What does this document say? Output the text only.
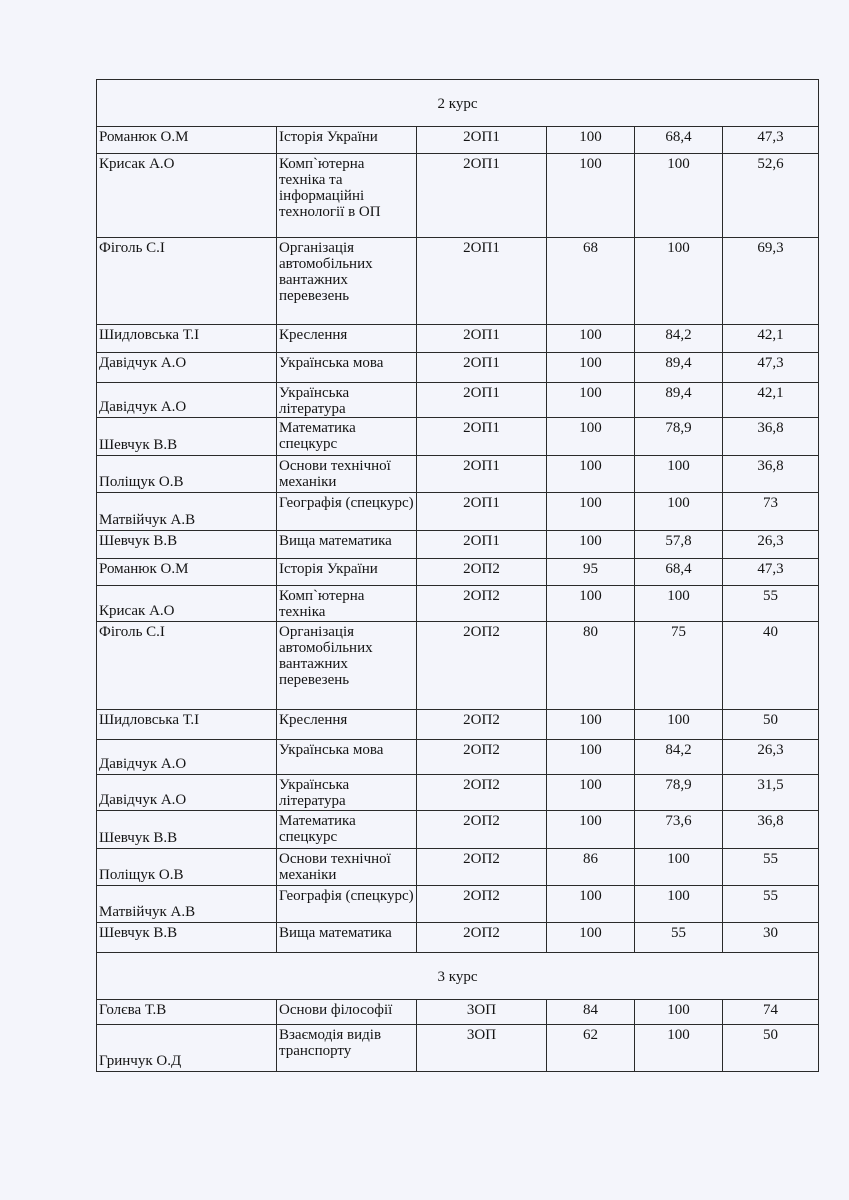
2 курс					
Романюк О.М	Історія України	2ОП1	100	68,4	47,3
Крисак А.О	Комп`ютерна техніка та інформаційні технології в ОП	2ОП1	100	100	52,6
Фіголь С.І	Організація автомобільних вантажних перевезень	2ОП1	68	100	69,3
Шидловська Т.І	Креслення	2ОП1	100	84,2	42,1
Давідчук А.О	Українська мова	2ОП1	100	89,4	47,3
Давідчук А.О	Українська література	2ОП1	100	89,4	42,1
Шевчук В.В	Математика спецкурс	2ОП1	100	78,9	36,8
Поліщук О.В	Основи технічної механіки	2ОП1	100	100	36,8
Матвійчук А.В	Географія (спецкурс)	2ОП1	100	100	73
Шевчук В.В	Вища математика	2ОП1	100	57,8	26,3
Романюк О.М	Історія України	2ОП2	95	68,4	47,3
Крисак А.О	Комп`ютерна техніка	2ОП2	100	100	55
Фіголь С.І	Організація автомобільних вантажних перевезень	2ОП2	80	75	40
Шидловська Т.І	Креслення	2ОП2	100	100	50
Давідчук А.О	Українська мова	2ОП2	100	84,2	26,3
Давідчук А.О	Українська література	2ОП2	100	78,9	31,5
Шевчук В.В	Математика спецкурс	2ОП2	100	73,6	36,8
Поліщук О.В	Основи технічної механіки	2ОП2	86	100	55
Матвійчук А.В	Географія (спецкурс)	2ОП2	100	100	55
Шевчук В.В	Вища математика	2ОП2	100	55	30
3 курс					
Голєва Т.В	Основи філософії	3ОП	84	100	74
Гринчук О.Д	Взаємодія видів транспорту	3ОП	62	100	50
